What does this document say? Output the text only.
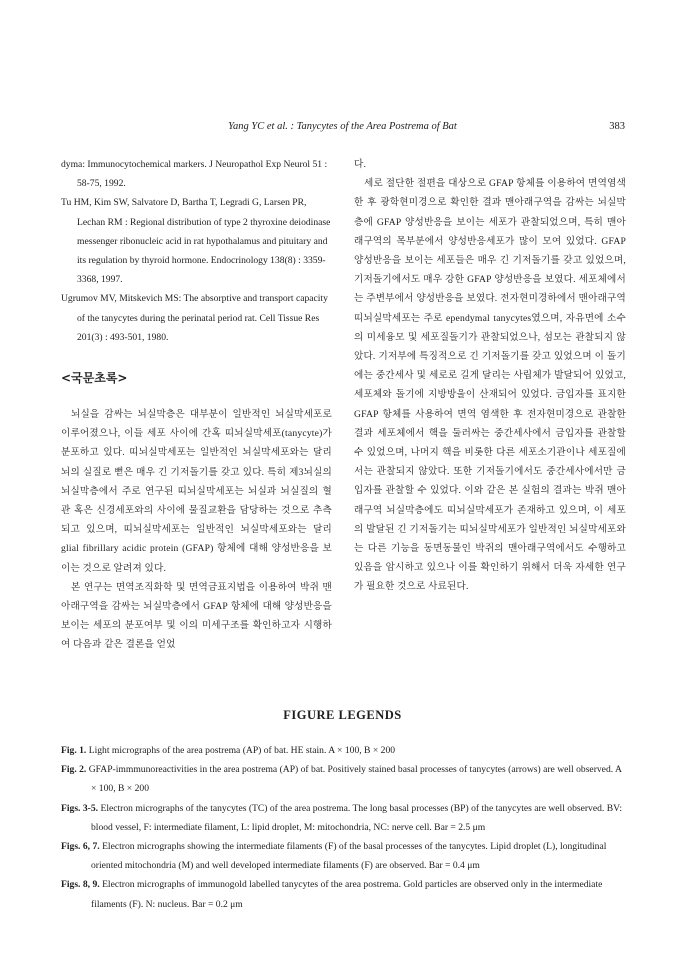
Yang YC et al. : Tanycytes of the Area Postrema of Bat	383

dyma: Immunocytochemical markers. J Neuropathol Exp Neurol 51 : 58-75, 1992.

Tu HM, Kim SW, Salvatore D, Bartha T, Legradi G, Larsen PR, Lechan RM : Regional distribution of type 2 thyroxine deiodinase messenger ribonucleic acid in rat hypothalamus and pituitary and its regulation by thyroid hormone. Endocrinology 138(8) : 3359-3368, 1997.

Ugrumov MV, Mitskevich MS: The absorptive and transport capacity of the tanycytes during the perinatal period rat. Cell Tissue Res 201(3) : 493-501, 1980.

<국문초록>

뇌실을 감싸는 뇌실막층은 대부분이 일반적인 뇌실막세포로 이루어졌으나, 이들 세포 사이에 간혹 띠뇌실막세포(tanycyte)가 분포하고 있다. 띠뇌실막세포는 일반적인 뇌실막세포와는 달리 뇌의 실질로 뻗은 매우 긴 기저돌기를 갖고 있다. 특히 제3뇌실의 뇌실막층에서 주로 연구된 띠뇌실막세포는 뇌실과 뇌실질의 혈관 혹은 신경세포와의 사이에 물질교환을 담당하는 것으로 추측되고 있으며, 띠뇌실막세포는 일반적인 뇌실막세포와는 달리 glial fibrillary acidic protein (GFAP) 항체에 대해 양성반응을 보이는 것으로 알려져 있다.

본 연구는 면역조직화학 및 면역금표지법을 이용하여 박쥐 맨아래구역을 감싸는 뇌실막층에서 GFAP 항체에 대해 양성반응을 보이는 세포의 분포여부 및 이의 미세구조를 확인하고자 시행하여 다음과 같은 결론을 얻었

다.

세로 절단한 절편을 대상으로 GFAP 항체를 이용하여 면역염색한 후 광학현미경으로 확인한 결과 맨아래구역을 감싸는 뇌실막층에 GFAP 양성반응을 보이는 세포가 관찰되었으며, 특히 맨아래구역의 목부분에서 양성반응세포가 많이 모여 있었다. GFAP 양성반응을 보이는 세포들은 매우 긴 기저돌기를 갖고 있었으며, 기저돌기에서도 매우 강한 GFAP 양성반응을 보였다. 세포체에서는 주변부에서 양성반응을 보였다. 전자현미경하에서 맨아래구역 띠뇌실막세포는 주로 ependymal tanycytes였으며, 자유면에 소수의 미세융모 및 세포질돌기가 관찰되었으나, 섬모는 관찰되지 않았다. 기저부에 특징적으로 긴 기저돌기를 갖고 있었으며 이 돌기에는 중간세사 및 세로로 길게 달리는 사립체가 발달되어 있었고, 세포체와 돌기에 지방방울이 산재되어 있었다. 금입자를 표지한 GFAP 항체를 사용하여 면역 염색한 후 전자현미경으로 관찰한 결과 세포체에서 핵을 둘러싸는 중간세사에서 금입자를 관찰할 수 있었으며, 나머지 핵을 비롯한 다른 세포소기관이나 세포질에서는 관찰되지 않았다. 또한 기저돌기에서도 중간세사에서만 금입자를 관찰할 수 있었다. 이와 같은 본 실험의 결과는 박쥐 맨아래구역 뇌실막층에도 띠뇌실막세포가 존재하고 있으며, 이 세포의 발달된 긴 기저돌기는 띠뇌실막세포가 일반적인 뇌실막세포와는 다른 기능을 동면동물인 박쥐의 맨아래구역에서도 수행하고 있음을 암시하고 있으나 이를 확인하기 위해서 더욱 자세한 연구가 필요한 것으로 사료된다.

FIGURE LEGENDS

Fig. 1. Light micrographs of the area postrema (AP) of bat. HE stain. A × 100, B × 200

Fig. 2. GFAP-immmunoreactivities in the area postrema (AP) of bat. Positively stained basal processes of tanycytes (arrows) are well observed. A × 100, B × 200

Figs. 3-5. Electron micrographs of the tanycytes (TC) of the area postrema. The long basal processes (BP) of the tanycytes are well observed. BV: blood vessel, F: intermediate filament, L: lipid droplet, M: mitochondria, NC: nerve cell. Bar = 2.5 μm

Figs. 6, 7. Electron micrographs showing the intermediate filaments (F) of the basal processes of the tanycytes. Lipid droplet (L), longitudinal oriented mitochondria (M) and well developed intermediate filaments (F) are observed. Bar = 0.4 μm

Figs. 8, 9. Electron micrographs of immunogold labelled tanycytes of the area postrema. Gold particles are observed only in the intermediate filaments (F). N: nucleus. Bar = 0.2 μm
